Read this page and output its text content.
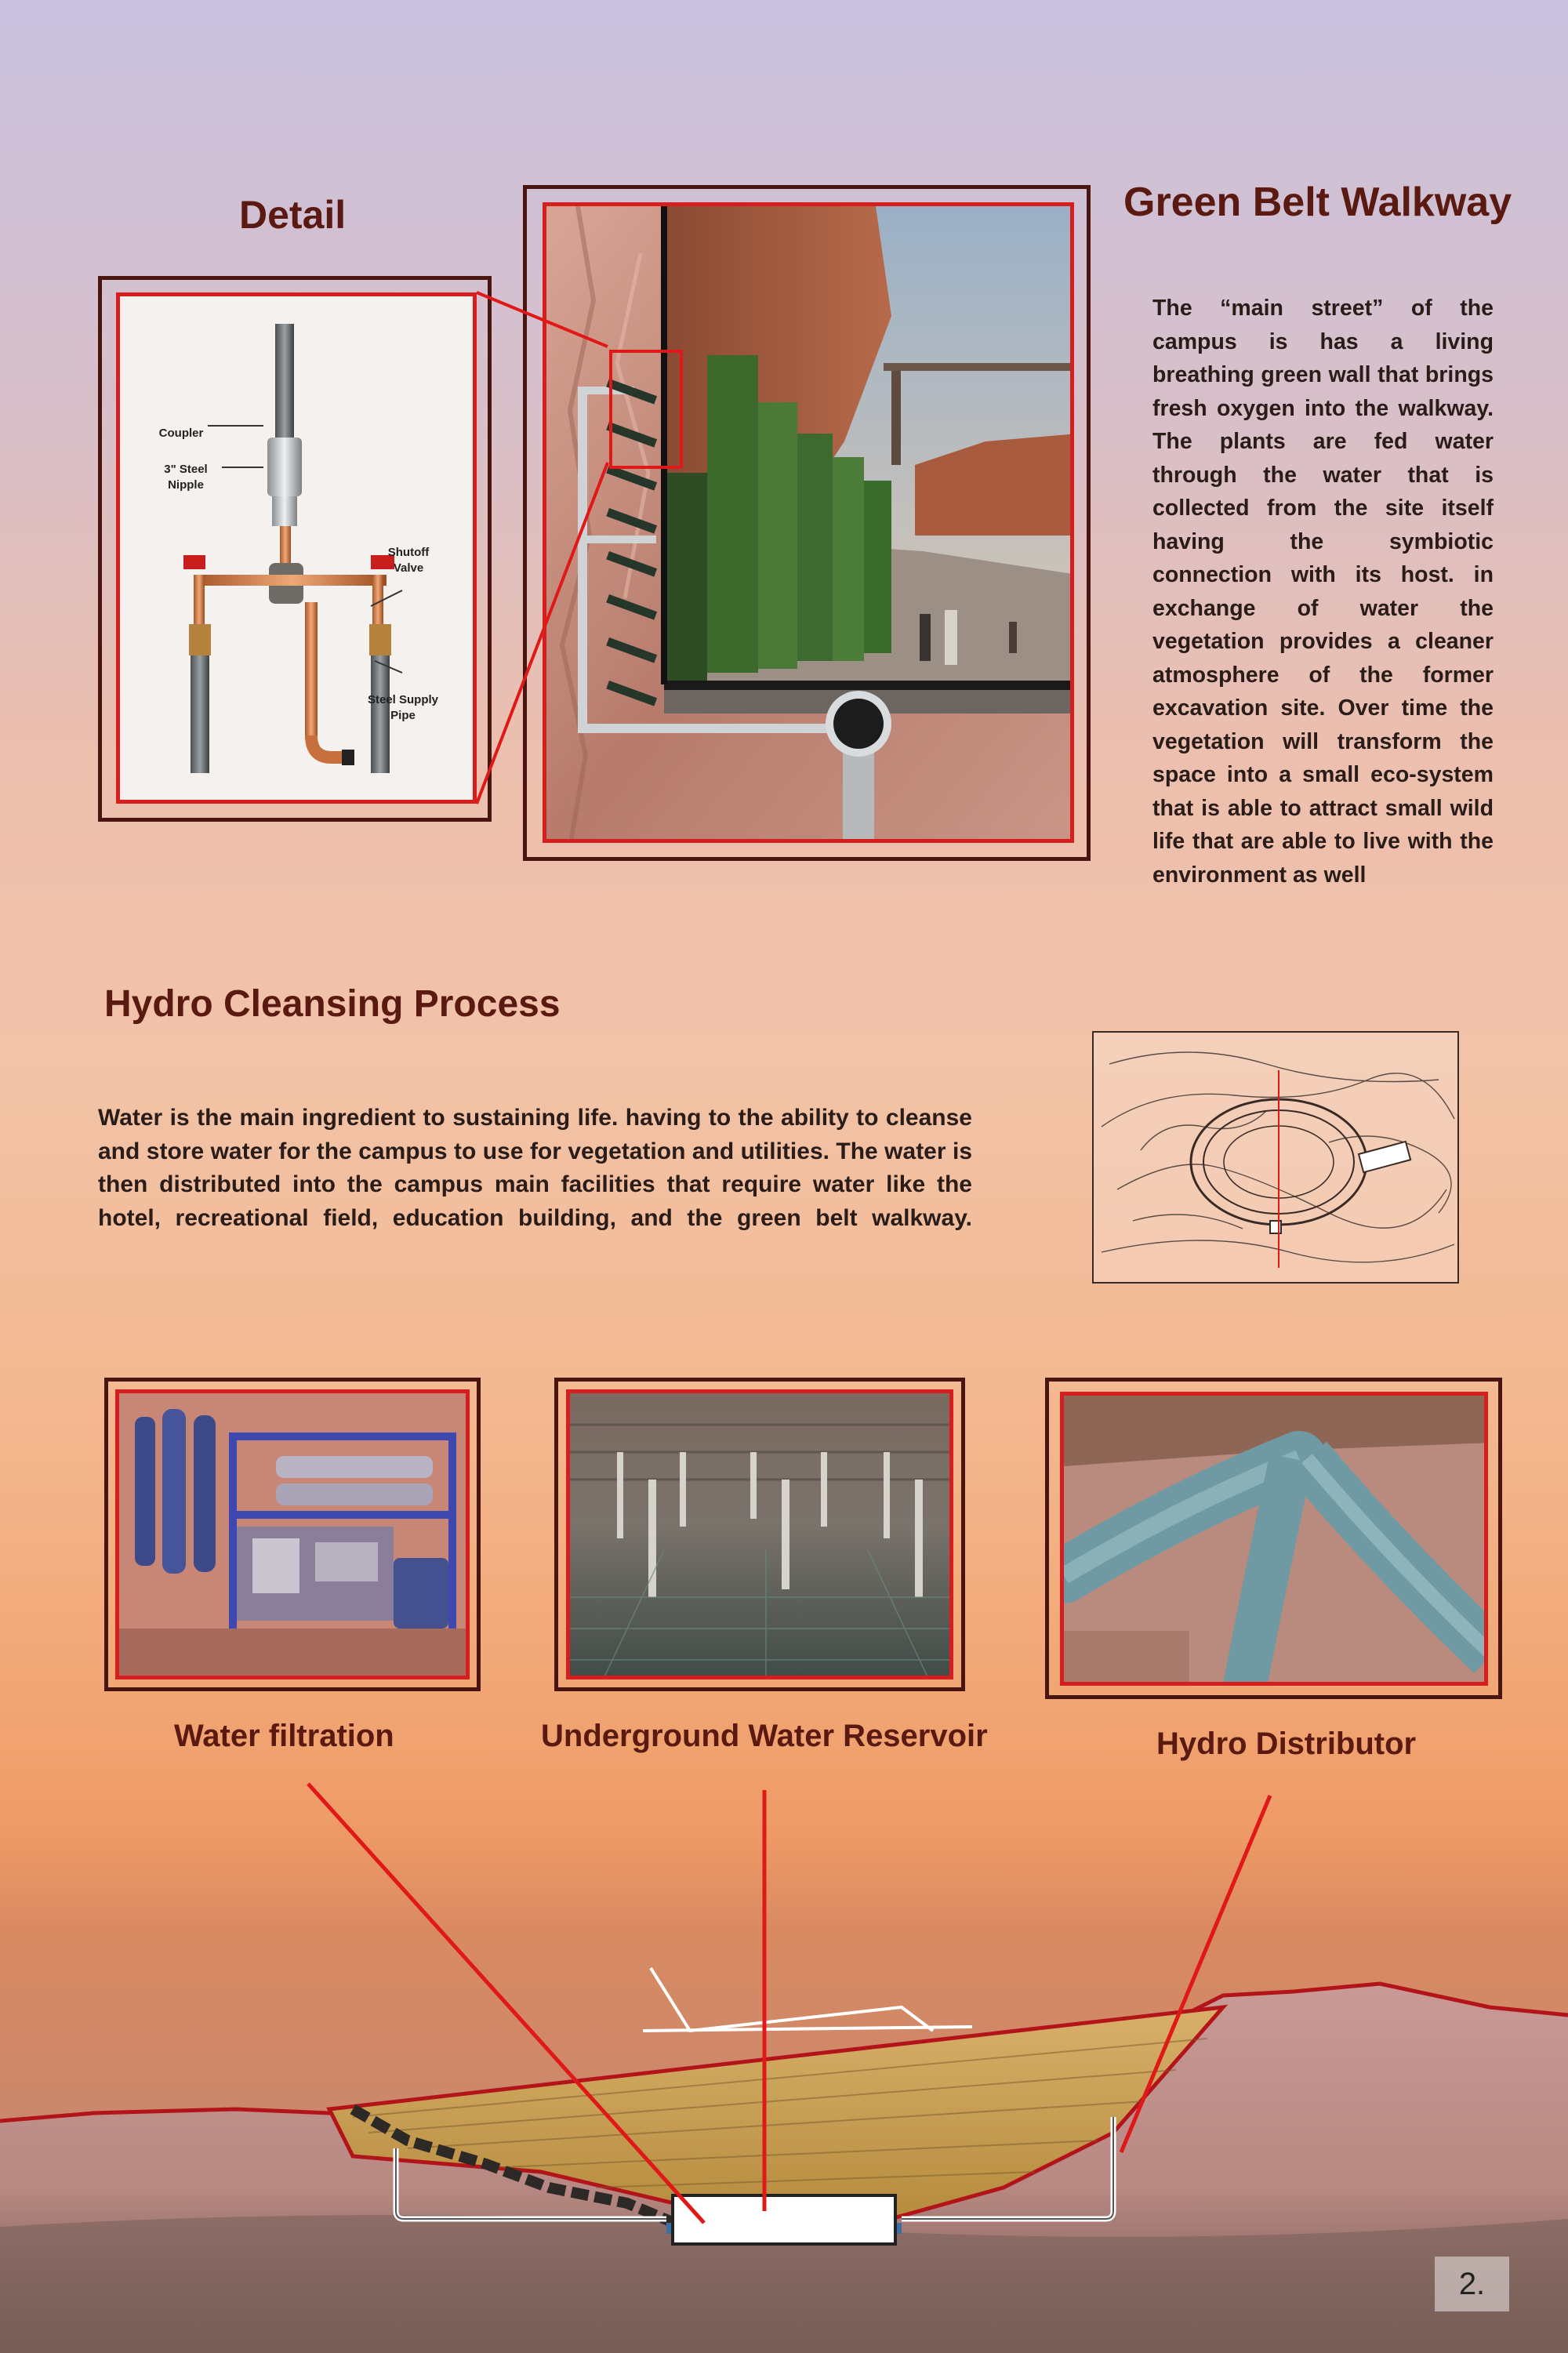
Detail
Coupler
3" Steel
Nipple
Shutoff
Valve
Steel Supply
Pipe
Green Belt Walkway

The “main street” of the campus is has a living breathing green wall that brings fresh oxygen into the walkway. The plants are fed water through the water that is collected from the site itself having the symbiotic connection with its host. in exchange of water the vegetation provides a cleaner atmosphere of the former excavation site. Over time the vegetation will transform the space into a small eco-system that is able to attract small wild life that are able to live with the environment as well

Hydro Cleansing Process

Water is the main ingredient to sustaining life. having to the ability to cleanse and store water for the campus to use for vegetation and utilities. The water is then distributed into the campus main facilities that require water like the hotel, recreational field, education building, and the green belt walkway.

Water filtration	Underground Water Reservoir	Hydro Distributor
2.
